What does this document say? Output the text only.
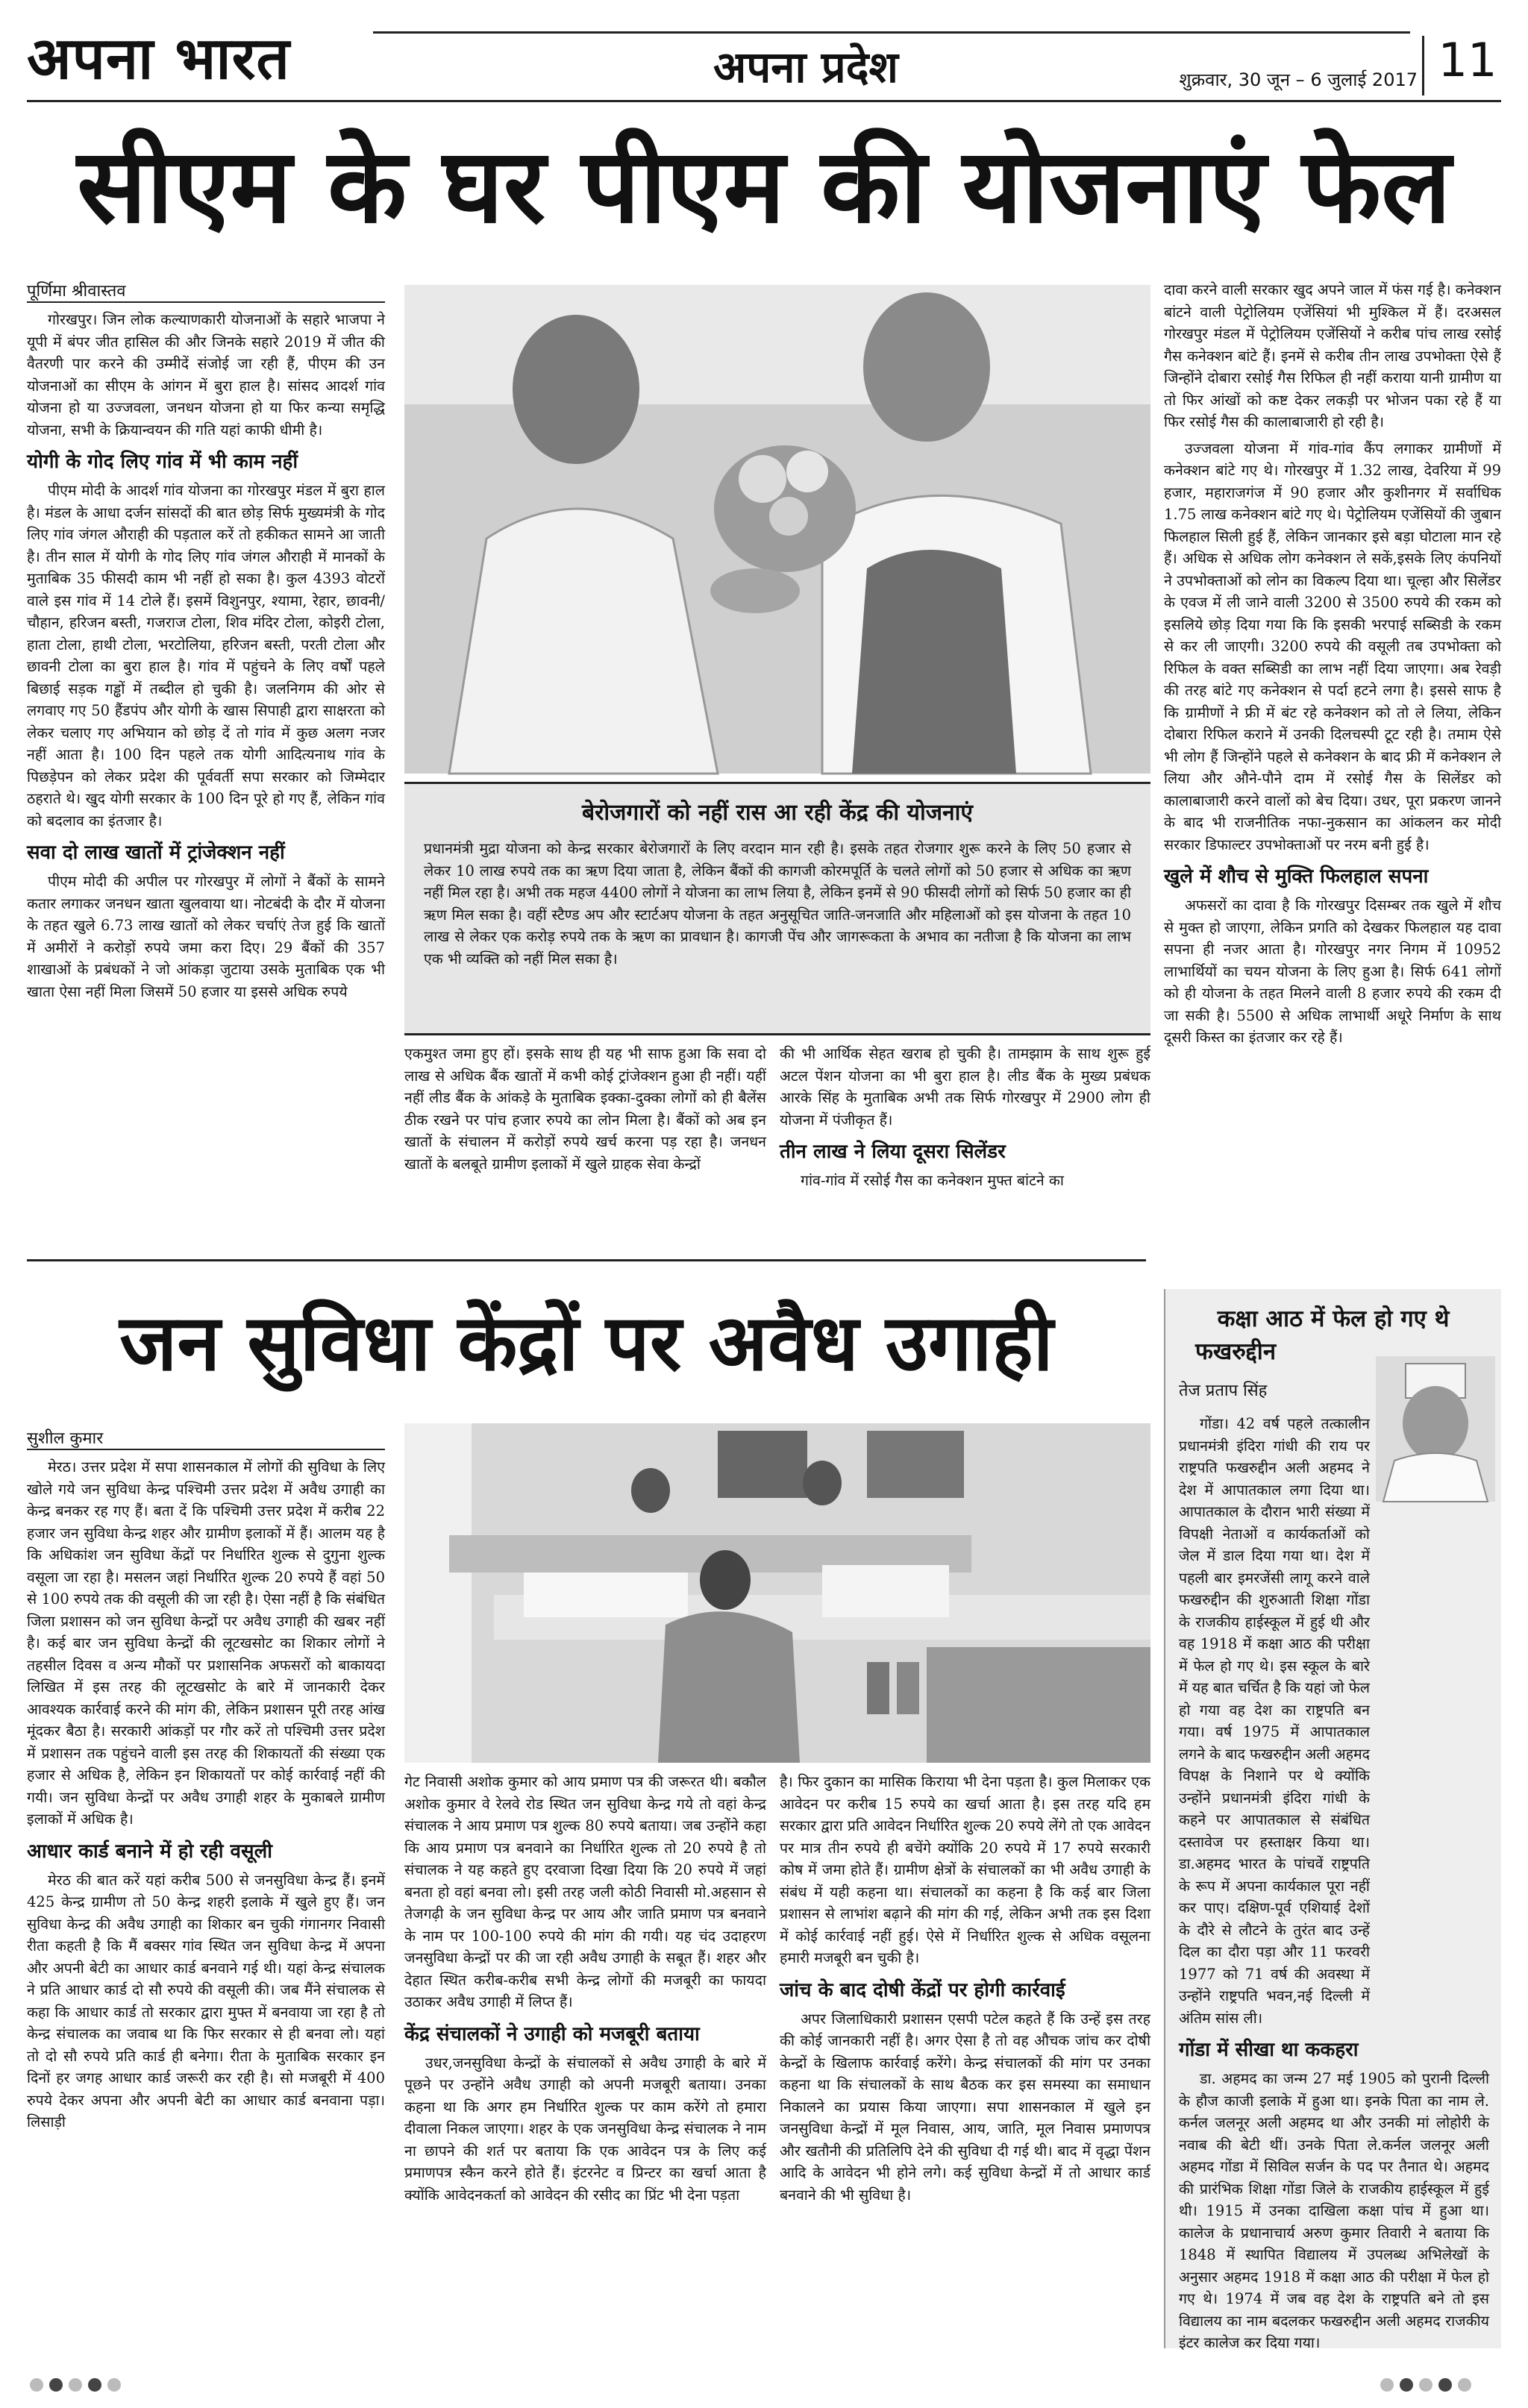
अपना भारत	अपना प्रदेश	शुक्रवार, 30 जून – 6 जुलाई 2017 11
सीएम के घर पीएम की योजनाएं फेल
पूर्णिमा श्रीवास्तव

गोरखपुर। जिन लोक कल्याणकारी योजनाओं के सहारे भाजपा ने यूपी में बंपर जीत हासिल की और जिनके सहारे 2019 में जीत की वैतरणी पार करने की उम्मीदें संजोई जा रही हैं, पीएम की उन योजनाओं का सीएम के आंगन में बुरा हाल है। सांसद आदर्श गांव योजना हो या उज्जवला, जनधन योजना हो या फिर कन्या समृद्धि योजना, सभी के क्रियान्वयन की गति यहां काफी धीमी है।

योगी के गोद लिए गांव में भी काम नहीं

पीएम मोदी के आदर्श गांव योजना का गोरखपुर मंडल में बुरा हाल है। मंडल के आधा दर्जन सांसदों की बात छोड़ सिर्फ मुख्यमंत्री के गोद लिए गांव जंगल औराही की पड़ताल करें तो हकीकत सामने आ जाती है। तीन साल में योगी के गोद लिए गांव जंगल औराही में मानकों के मुताबिक 35 फीसदी काम भी नहीं हो सका है। कुल 4393 वोटरों वाले इस गांव में 14 टोले हैं। इसमें विशुनपुर, श्यामा, रेहार, छावनी/चौहान, हरिजन बस्ती, गजराज टोला, शिव मंदिर टोला, कोइरी टोला, हाता टोला, हाथी टोला, भरटोलिया, हरिजन बस्ती, परती टोला और छावनी टोला का बुरा हाल है। गांव में पहुंचने के लिए वर्षों पहले बिछाई सड़क गड्ढों में तब्दील हो चुकी है। जलनिगम की ओर से लगवाए गए 50 हैंडपंप और योगी के खास सिपाही द्वारा साक्षरता को लेकर चलाए गए अभियान को छोड़ दें तो गांव में कुछ अलग नजर नहीं आता है। 100 दिन पहले तक योगी आदित्यनाथ गांव के पिछड़ेपन को लेकर प्रदेश की पूर्ववर्ती सपा सरकार को जिम्मेदार ठहराते थे। खुद योगी सरकार के 100 दिन पूरे हो गए हैं, लेकिन गांव को बदलाव का इंतजार है।

सवा दो लाख खातों में ट्रांजेक्शन नहीं

पीएम मोदी की अपील पर गोरखपुर में लोगों ने बैंकों के सामने कतार लगाकर जनधन खाता खुलवाया था। नोटबंदी के दौर में योजना के तहत खुले 6.73 लाख खातों को लेकर चर्चाएं तेज हुई कि खातों में अमीरों ने करोड़ों रुपये जमा करा दिए। 29 बैंकों की 357 शाखाओं के प्रबंधकों ने जो आंकड़ा जुटाया उसके मुताबिक एक भी खाता ऐसा नहीं मिला जिसमें 50 हजार या इससे अधिक रुपये

बेरोजगारों को नहीं रास आ रही केंद्र की योजनाएं
प्रधानमंत्री मुद्रा योजना को केन्द्र सरकार बेरोजगारों के लिए वरदान मान रही है। इसके तहत रोजगार शुरू करने के लिए 50 हजार से लेकर 10 लाख रुपये तक का ऋण दिया जाता है, लेकिन बैंकों की कागजी कोरमपूर्ति के चलते लोगों को 50 हजार से अधिक का ऋण नहीं मिल रहा है। अभी तक महज 4400 लोगों ने योजना का लाभ लिया है, लेकिन इनमें से 90 फीसदी लोगों को सिर्फ 50 हजार का ही ऋण मिल सका है। वहीं स्टैण्ड अप और स्टार्टअप योजना के तहत अनुसूचित जाति-जनजाति और महिलाओं को इस योजना के तहत 10 लाख से लेकर एक करोड़ रुपये तक के ऋण का प्रावधान है। कागजी पेंच और जागरूकता के अभाव का नतीजा है कि योजना का लाभ एक भी व्यक्ति को नहीं मिल सका है।

एकमुश्त जमा हुए हों। इसके साथ ही यह भी साफ हुआ कि सवा दो लाख से अधिक बैंक खातों में कभी कोई ट्रांजेक्शन हुआ ही नहीं। यहीं नहीं लीड बैंक के आंकड़े के मुताबिक इक्का-दुक्का लोगों को ही बैलेंस ठीक रखने पर पांच हजार रुपये का लोन मिला है। बैंकों को अब इन खातों के संचालन में करोड़ों रुपये खर्च करना पड़ रहा है। जनधन खातों के बलबूते ग्रामीण इलाकों में खुले ग्राहक सेवा केन्द्रों

की भी आर्थिक सेहत खराब हो चुकी है। तामझाम के साथ शुरू हुई अटल पेंशन योजना का भी बुरा हाल है। लीड बैंक के मुख्य प्रबंधक आरके सिंह के मुताबिक अभी तक सिर्फ गोरखपुर में 2900 लोग ही योजना में पंजीकृत हैं।

तीन लाख ने लिया दूसरा सिलेंडर

गांव-गांव में रसोई गैस का कनेक्शन मुफ्त बांटने का

दावा करने वाली सरकार खुद अपने जाल में फंस गई है। कनेक्शन बांटने वाली पेट्रोलियम एजेंसियां भी मुश्किल में हैं। दरअसल गोरखपुर मंडल में पेट्रोलियम एजेंसियों ने करीब पांच लाख रसोई गैस कनेक्शन बांटे हैं। इनमें से करीब तीन लाख उपभोक्ता ऐसे हैं जिन्होंने दोबारा रसोई गैस रिफिल ही नहीं कराया यानी ग्रामीण या तो फिर आंखों को कष्ट देकर लकड़ी पर भोजन पका रहे हैं या फिर रसोई गैस की कालाबाजारी हो रही है।

उज्जवला योजना में गांव-गांव कैंप लगाकर ग्रामीणों में कनेक्शन बांटे गए थे। गोरखपुर में 1.32 लाख, देवरिया में 99 हजार, महाराजगंज में 90 हजार और कुशीनगर में सर्वाधिक 1.75 लाख कनेक्शन बांटे गए थे। पेट्रोलियम एजेंसियों की जुबान फिलहाल सिली हुई हैं, लेकिन जानकार इसे बड़ा घोटाला मान रहे हैं। अधिक से अधिक लोग कनेक्शन ले सकें,इसके लिए कंपनियों ने उपभोक्ताओं को लोन का विकल्प दिया था। चूल्हा और सिलेंडर के एवज में ली जाने वाली 3200 से 3500 रुपये की रकम को इसलिये छोड़ दिया गया कि कि इसकी भरपाई सब्सिडी के रकम से कर ली जाएगी। 3200 रुपये की वसूली तब उपभोक्ता को रिफिल के वक्त सब्सिडी का लाभ नहीं दिया जाएगा। अब रेवड़ी की तरह बांटे गए कनेक्शन से पर्दा हटने लगा है। इससे साफ है कि ग्रामीणों ने फ्री में बंट रहे कनेक्शन को तो ले लिया, लेकिन दोबारा रिफिल कराने में उनकी दिलचस्पी टूट रही है। तमाम ऐसे भी लोग हैं जिन्होंने पहले से कनेक्शन के बाद फ्री में कनेक्शन ले लिया और औने-पौने दाम में रसोई गैस के सिलेंडर को कालाबाजारी करने वालों को बेच दिया। उधर, पूरा प्रकरण जानने के बाद भी राजनीतिक नफा-नुकसान का आंकलन कर मोदी सरकार डिफाल्टर उपभोक्ताओं पर नरम बनी हुई है।

खुले में शौच से मुक्ति फिलहाल सपना

अफसरों का दावा है कि गोरखपुर दिसम्बर तक खुले में शौच से मुक्त हो जाएगा, लेकिन प्रगति को देखकर फिलहाल यह दावा सपना ही नजर आता है। गोरखपुर नगर निगम में 10952 लाभार्थियों का चयन योजना के लिए हुआ है। सिर्फ 641 लोगों को ही योजना के तहत मिलने वाली 8 हजार रुपये की रकम दी जा सकी है। 5500 से अधिक लाभार्थी अधूरे निर्माण के साथ दूसरी किस्त का इंतजार कर रहे हैं।

जन सुविधा केंद्रों पर अवैध उगाही
सुशील कुमार

मेरठ। उत्तर प्रदेश में सपा शासनकाल में लोगों की सुविधा के लिए खोले गये जन सुविधा केन्द्र पश्चिमी उत्तर प्रदेश में अवैध उगाही का केन्द्र बनकर रह गए हैं। बता दें कि पश्चिमी उत्तर प्रदेश में करीब 22 हजार जन सुविधा केन्द्र शहर और ग्रामीण इलाकों में हैं। आलम यह है कि अधिकांश जन सुविधा केंद्रों पर निर्धारित शुल्क से दुगुना शुल्क वसूला जा रहा है। मसलन जहां निर्धारित शुल्क 20 रुपये हैं वहां 50 से 100 रुपये तक की वसूली की जा रही है। ऐसा नहीं है कि संबंधित जिला प्रशासन को जन सुविधा केन्द्रों पर अवैध उगाही की खबर नहीं है। कई बार जन सुविधा केन्द्रों की लूटखसोट का शिकार लोगों ने तहसील दिवस व अन्य मौकों पर प्रशासनिक अफसरों को बाकायदा लिखित में इस तरह की लूटखसोट के बारे में जानकारी देकर आवश्यक कार्रवाई करने की मांग की, लेकिन प्रशासन पूरी तरह आंख मूंदकर बैठा है। सरकारी आंकड़ों पर गौर करें तो पश्चिमी उत्तर प्रदेश में प्रशासन तक पहुंचने वाली इस तरह की शिकायतों की संख्या एक हजार से अधिक है, लेकिन इन शिकायतों पर कोई कार्रवाई नहीं की गयी। जन सुविधा केन्द्रों पर अवैध उगाही शहर के मुकाबले ग्रामीण इलाकों में अधिक है।

आधार कार्ड बनाने में हो रही वसूली

मेरठ की बात करें यहां करीब 500 से जनसुविधा केन्द्र हैं। इनमें 425 केन्द्र ग्रामीण तो 50 केन्द्र शहरी इलाके में खुले हुए हैं। जन सुविधा केन्द्र की अवैध उगाही का शिकार बन चुकी गंगानगर निवासी रीता कहती है कि मैं बक्सर गांव स्थित जन सुविधा केन्द्र में अपना और अपनी बेटी का आधार कार्ड बनवाने गई थी। यहां केन्द्र संचालक ने प्रति आधार कार्ड दो सौ रुपये की वसूली की। जब मैंने संचालक से कहा कि आधार कार्ड तो सरकार द्वारा मुफ्त में बनवाया जा रहा है तो केन्द्र संचालक का जवाब था कि फिर सरकार से ही बनवा लो। यहां तो दो सौ रुपये प्रति कार्ड ही बनेगा। रीता के मुताबिक सरकार इन दिनों हर जगह आधार कार्ड जरूरी कर रही है। सो मजबूरी में 400 रुपये देकर अपना और अपनी बेटी का आधार कार्ड बनवाना पड़ा। लिसाड़ी

गेट निवासी अशोक कुमार को आय प्रमाण पत्र की जरूरत थी। बकौल अशोक कुमार वे रेलवे रोड स्थित जन सुविधा केन्द्र गये तो वहां केन्द्र संचालक ने आय प्रमाण पत्र शुल्क 80 रुपये बताया। जब उन्होंने कहा कि आय प्रमाण पत्र बनवाने का निर्धारित शुल्क तो 20 रुपये है तो संचालक ने यह कहते हुए दरवाजा दिखा दिया कि 20 रुपये में जहां बनता हो वहां बनवा लो। इसी तरह जली कोठी निवासी मो.अहसान से तेजगढ़ी के जन सुविधा केन्द्र पर आय और जाति प्रमाण पत्र बनवाने के नाम पर 100-100 रुपये की मांग की गयी। यह चंद उदाहरण जनसुविधा केन्द्रों पर की जा रही अवैध उगाही के सबूत हैं। शहर और देहात स्थित करीब-करीब सभी केन्द्र लोगों की मजबूरी का फायदा उठाकर अवैध उगाही में लिप्त हैं।

केंद्र संचालकों ने उगाही को मजबूरी बताया

उधर,जनसुविधा केन्द्रों के संचालकों से अवैध उगाही के बारे में पूछने पर उन्होंने अवैध उगाही को अपनी मजबूरी बताया। उनका कहना था कि अगर हम निर्धारित शुल्क पर काम करेंगे तो हमारा दीवाला निकल जाएगा। शहर के एक जनसुविधा केन्द्र संचालक ने नाम ना छापने की शर्त पर बताया कि एक आवेदन पत्र के लिए कई प्रमाणपत्र स्कैन करने होते हैं। इंटरनेट व प्रिन्टर का खर्चा आता है क्योंकि आवेदनकर्ता को आवेदन की रसीद का प्रिंट भी देना पड़ता

है। फिर दुकान का मासिक किराया भी देना पड़ता है। कुल मिलाकर एक आवेदन पर करीब 15 रुपये का खर्चा आता है। इस तरह यदि हम सरकार द्वारा प्रति आवेदन निर्धारित शुल्क 20 रुपये लेंगे तो एक आवेदन पर मात्र तीन रुपये ही बचेंगे क्योंकि 20 रुपये में 17 रुपये सरकारी कोष में जमा होते हैं। ग्रामीण क्षेत्रों के संचालकों का भी अवैध उगाही के संबंध में यही कहना था। संचालकों का कहना है कि कई बार जिला प्रशासन से लाभांश बढ़ाने की मांग की गई, लेकिन अभी तक इस दिशा में कोई कार्रवाई नहीं हुई। ऐसे में निर्धारित शुल्क से अधिक वसूलना हमारी मजबूरी बन चुकी है।

जांच के बाद दोषी केंद्रों पर होगी कार्रवाई

अपर जिलाधिकारी प्रशासन एसपी पटेल कहते हैं कि उन्हें इस तरह की कोई जानकारी नहीं है। अगर ऐसा है तो वह औचक जांच कर दोषी केन्द्रों के खिलाफ कार्रवाई करेंगे। केन्द्र संचालकों की मांग पर उनका कहना था कि संचालकों के साथ बैठक कर इस समस्या का समाधान निकालने का प्रयास किया जाएगा। सपा शासनकाल में खुले इन जनसुविधा केन्द्रों में मूल निवास, आय, जाति, मूल निवास प्रमाणपत्र और खतौनी की प्रतिलिपि देने की सुविधा दी गई थी। बाद में वृद्धा पेंशन आदि के आवेदन भी होने लगे। कई सुविधा केन्द्रों में तो आधार कार्ड बनवाने की भी सुविधा है।

कक्षा आठ में फेल हो गए थे
फखरुद्दीन
तेज प्रताप सिंह

गोंडा। 42 वर्ष पहले तत्कालीन प्रधानमंत्री इंदिरा गांधी की राय पर राष्ट्रपति फखरुद्दीन अली अहमद ने देश में आपातकाल लगा दिया था। आपातकाल के दौरान भारी संख्या में विपक्षी नेताओं व कार्यकर्ताओं को जेल में डाल दिया गया था। देश में पहली बार इमरजेंसी लागू करने वाले फखरुद्दीन की शुरुआती शिक्षा गोंडा के राजकीय हाईस्कूल में हुई थी और वह 1918 में कक्षा आठ की परीक्षा में फेल हो गए थे। इस स्कूल के बारे में यह बात चर्चित है कि यहां जो फेल हो गया वह देश का राष्ट्रपति बन गया। वर्ष 1975 में आपातकाल लगने के बाद फखरुद्दीन अली अहमद विपक्ष के निशाने पर थे क्योंकि उन्होंने प्रधानमंत्री इंदिरा गांधी के कहने पर आपातकाल से संबंधित दस्तावेज पर हस्ताक्षर किया था। डा.अहमद भारत के पांचवें राष्ट्रपति के रूप में अपना कार्यकाल पूरा नहीं कर पाए। दक्षिण-पूर्व एशियाई देशों के दौरे से लौटने के तुरंत बाद उन्हें दिल का दौरा पड़ा और 11 फरवरी 1977 को 71 वर्ष की अवस्था में उन्होंने राष्ट्रपति भवन,नई दिल्ली में अंतिम सांस ली।

गोंडा में सीखा था ककहरा

डा. अहमद का जन्म 27 मई 1905 को पुरानी दिल्ली के हौज काजी इलाके में हुआ था। इनके पिता का नाम ले. कर्नल जलनूर अली अहमद था और उनकी मां लोहोरी के नवाब की बेटी थीं। उनके पिता ले.कर्नल जलनूर अली अहमद गोंडा में सिविल सर्जन के पद पर तैनात थे। अहमद की प्रारंभिक शिक्षा गोंडा जिले के राजकीय हाईस्कूल में हुई थी। 1915 में उनका दाखिला कक्षा पांच में हुआ था। कालेज के प्रधानाचार्य अरुण कुमार तिवारी ने बताया कि 1848 में स्थापित विद्यालय में उपलब्ध अभिलेखों के अनुसार अहमद 1918 में कक्षा आठ की परीक्षा में फेल हो गए थे। 1974 में जब वह देश के राष्ट्रपति बने तो इस विद्यालय का नाम बदलकर फखरुद्दीन अली अहमद राजकीय इंटर कालेज कर दिया गया।
